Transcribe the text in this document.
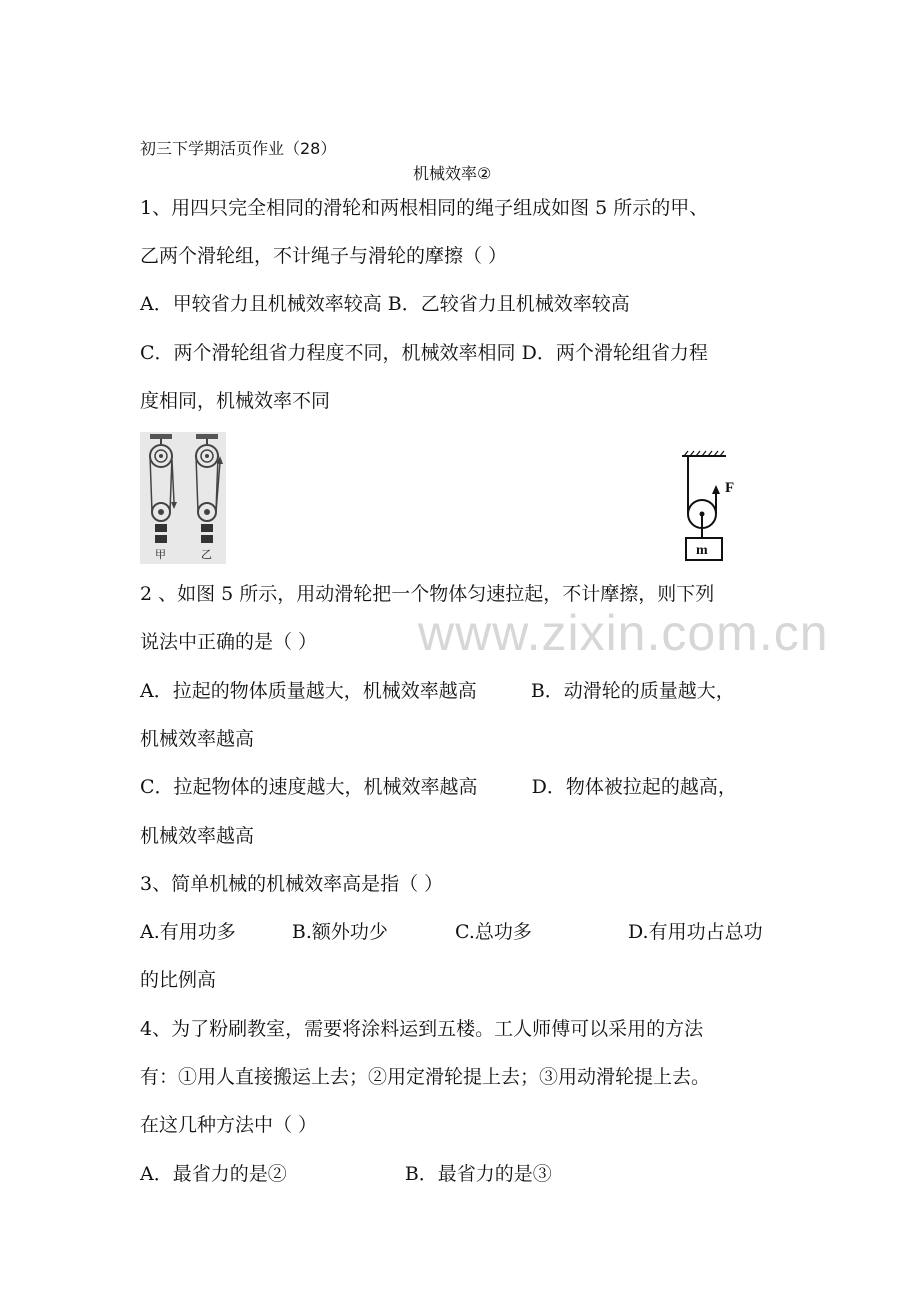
初三下学期活页作业（28）
机械效率②
1、用四只完全相同的滑轮和两根相同的绳子组成如图 5 所示的甲、
乙两个滑轮组，不计绳子与滑轮的摩擦（ ）
A．甲较省力且机械效率较高 B．乙较省力且机械效率较高
C．两个滑轮组省力程度不同，机械效率相同 D．两个滑轮组省力程
度相同，机械效率不同
甲	乙
F
m
2 、如图 5 所示，用动滑轮把一个物体匀速拉起，不计摩擦，则下列
说法中正确的是（ ） www.zixin.com.cn
A．拉起的物体质量越大，机械效率越高	B．动滑轮的质量越大，
机械效率越高
C．拉起物体的速度越大，机械效率越高	D．物体被拉起的越高，
机械效率越高
3、简单机械的机械效率高是指（ ）
A.有用功多	B.额外功少	C.总功多	D.有用功占总功
的比例高
4、为了粉刷教室，需要将涂料运到五楼。工人师傅可以采用的方法
有：①用人直接搬运上去；②用定滑轮提上去；③用动滑轮提上去。
在这几种方法中（ ）
A．最省力的是②	B．最省力的是③
